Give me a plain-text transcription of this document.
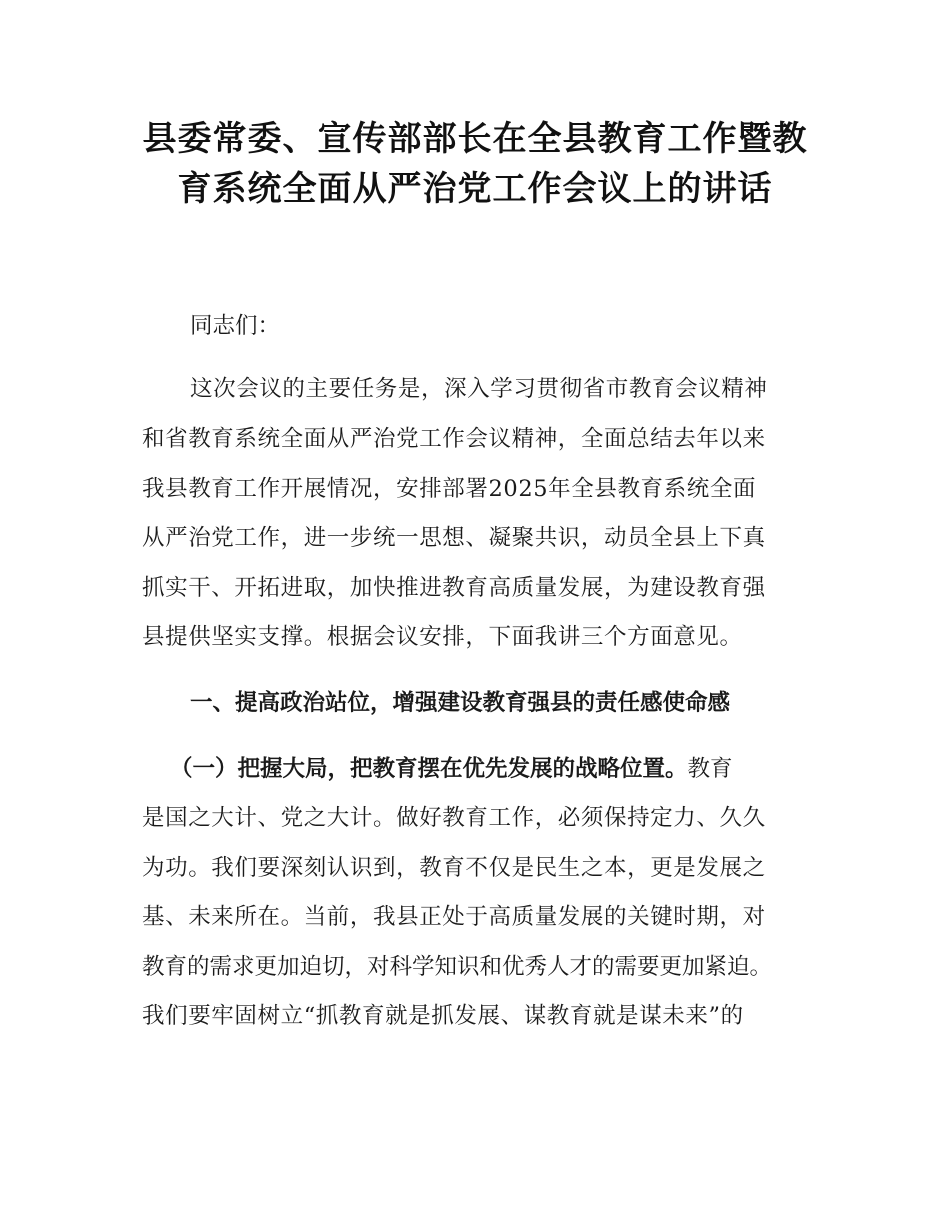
县委常委、宣传部部长在全县教育工作暨教
育系统全面从严治党工作会议上的讲话
同志们：
这次会议的主要任务是，深入学习贯彻省市教育会议精神
和省教育系统全面从严治党工作会议精神，全面总结去年以来
我县教育工作开展情况，安排部署2025年全县教育系统全面
从严治党工作，进一步统一思想、凝聚共识，动员全县上下真
抓实干、开拓进取，加快推进教育高质量发展，为建设教育强
县提供坚实支撑。根据会议安排，下面我讲三个方面意见。
一、提高政治站位，增强建设教育强县的责任感使命感
（一）把握大局，把教育摆在优先发展的战略位置。教育
是国之大计、党之大计。做好教育工作，必须保持定力、久久
为功。我们要深刻认识到，教育不仅是民生之本，更是发展之
基、未来所在。当前，我县正处于高质量发展的关键时期，对
教育的需求更加迫切，对科学知识和优秀人才的需要更加紧迫。
我们要牢固树立“抓教育就是抓发展、谋教育就是谋未来”的
